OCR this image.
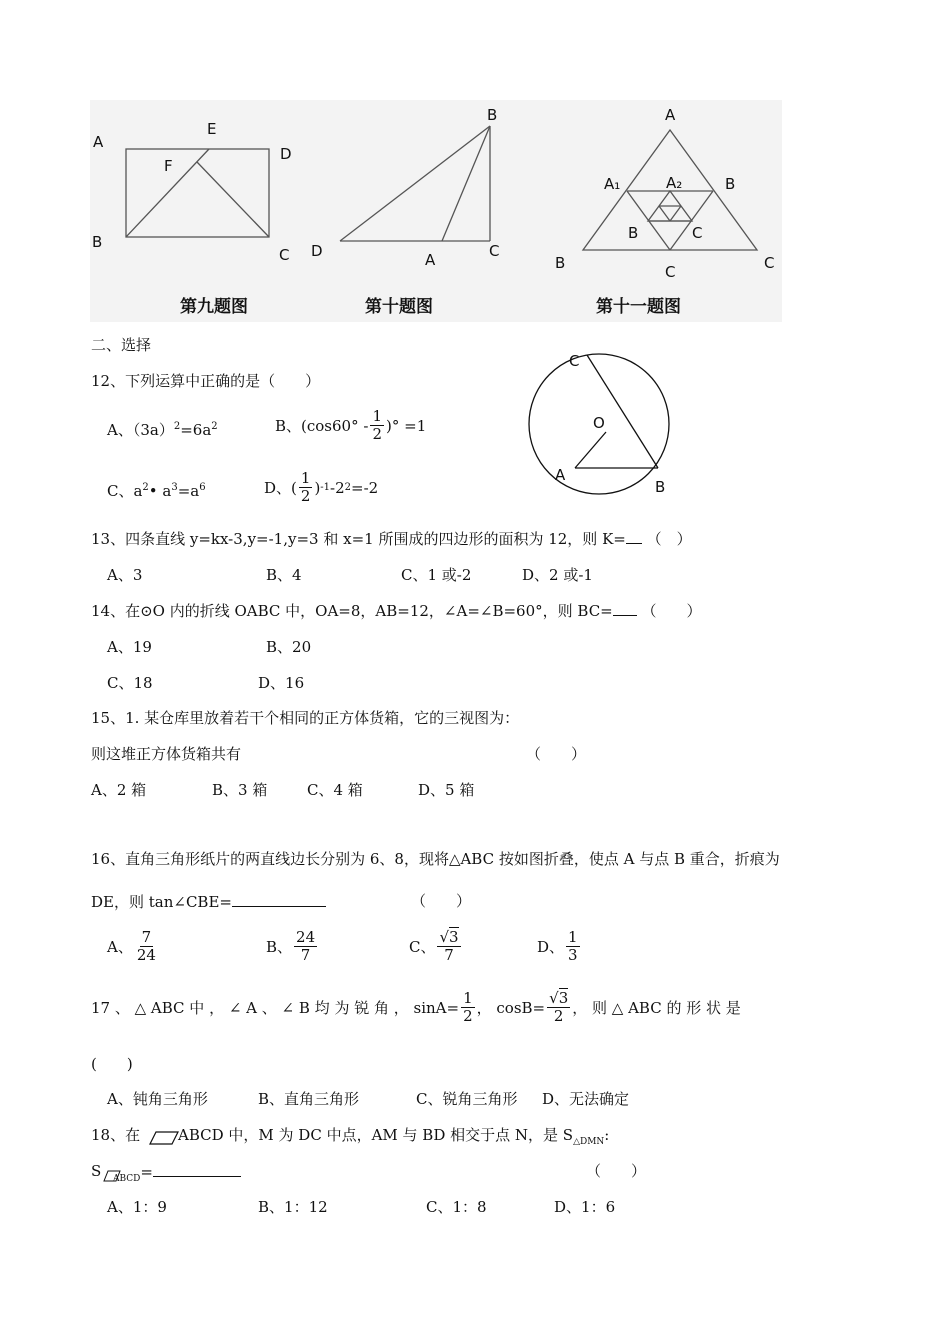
A
E
D
F
B
C
第九题图
B
D	A	C
第十题图
A
A₁	A₂	B
B	C
B	C	C
第十一题图
二、选择
C
O
A
B
12、下列运算中正确的是（　　）
A、$(3a)^2=6a^2$	B、(cos60°
- $\frac{1}{2}$ )°
=1
C、$a^2•$ $a^3=a^6$	D、( $\frac{1}{2}$ ) -1 -2 2 =-2
13、四条直线 y=kx-3,y=-1,y=3 和 x=1 所围成的四边形的面积为 12，则 K= （　）
A、3	B、4	C、1 或-2	D、2 或-1
14、在⊙O 内的折线 OABC 中，OA=8，AB=12，∠A=∠B=60°，则 BC= （　　）
A、19	B、20
C、18	D、16
15、1. 某仓库里放着若干个相同的正方体货箱，它的三视图为：
则这堆正方体货箱共有	（　　）
A、2 箱	B、3 箱	C、4 箱	D、5 箱
16、直角三角形纸片的两直线边长分别为 6、8，现将△ABC 按如图折叠，使点 A 与点 B 重合，折痕为
DE，则 tan∠CBE=	（　　）
A、 $\frac{7}{24}$	B、 $\frac{24}{7}$	C、 $\frac{√3}{7}$	D、 $\frac{1}{3}$
17 、 △ ABC 中 ， ∠ A 、 ∠ B 均 为 锐 角 ， $\sin A= \frac{1}{2}$ ， $\cos B= \frac{√3}{2}$ ， 则 △ ABC 的 形 状 是
(　　)
A、钝角三角形	B、直角三角形	C、锐角三角形 D、无法确定
18、在	ABCD 中，M 为 DC 中点，AM 与 BD 相交于点 N，是 $S_{\triangle DMN}$:
S $_{ABCD}$=	（　　）
A、1：9	B、1：12	C、1：8	D、1：6
